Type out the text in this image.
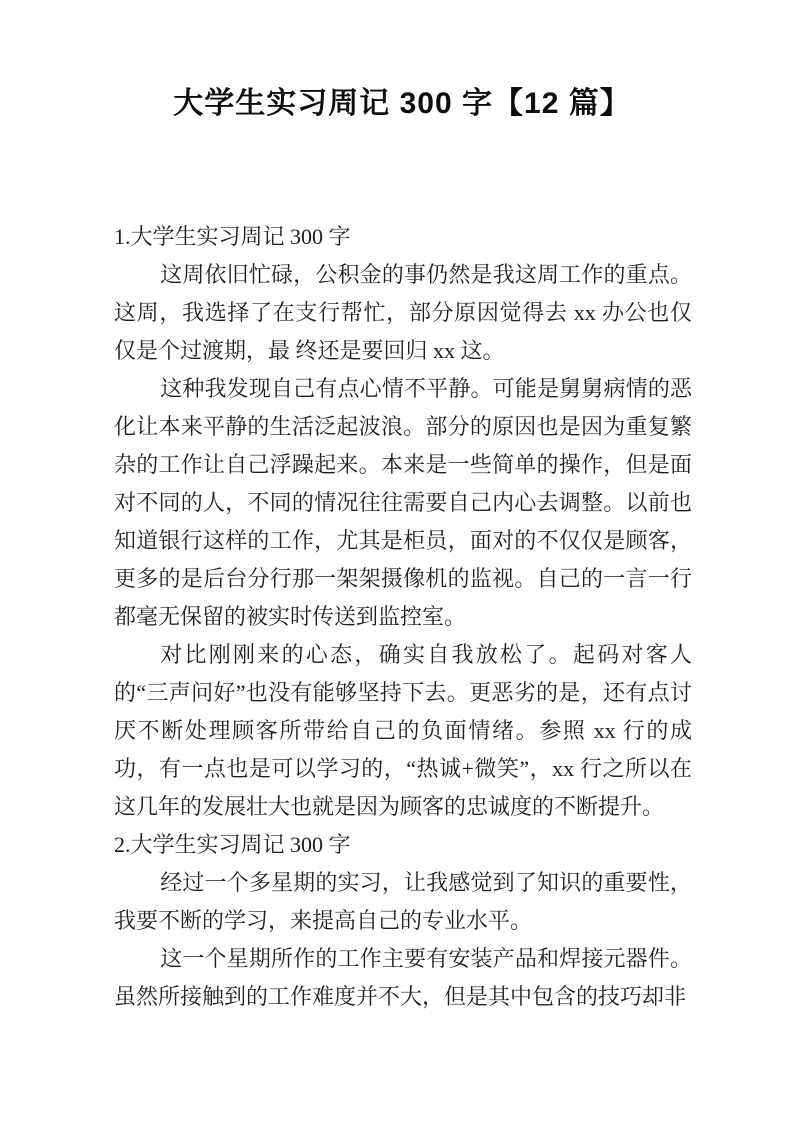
大学生实习周记 300 字【12 篇】

1.大学生实习周记 300 字

这周依旧忙碌，公积金的事仍然是我这周工作的重点。这周，我选择了在支行帮忙，部分原因觉得去 xx 办公也仅仅是个过渡期，最 终还是要回归 xx 这。

这种我发现自己有点心情不平静。可能是舅舅病情的恶化让本来平静的生活泛起波浪。部分的原因也是因为重复繁杂的工作让自己浮躁起来。本来是一些简单的操作，但是面对不同的人，不同的情况往往需要自己内心去调整。以前也知道银行这样的工作，尤其是柜员，面对的不仅仅是顾客，更多的是后台分行那一架架摄像机的监视。自己的一言一行都毫无保留的被实时传送到监控室。

对比刚刚来的心态，确实自我放松了。起码对客人的“三声问好”也没有能够坚持下去。更恶劣的是，还有点讨厌不断处理顾客所带给自己的负面情绪。参照 xx 行的成功，有一点也是可以学习的，“热诚+微笑”，xx 行之所以在这几年的发展壮大也就是因为顾客的忠诚度的不断提升。

2.大学生实习周记 300 字

经过一个多星期的实习，让我感觉到了知识的重要性，我要不断的学习，来提高自己的专业水平。

这一个星期所作的工作主要有安装产品和焊接元器件。虽然所接触到的工作难度并不大，但是其中包含的技巧却非
